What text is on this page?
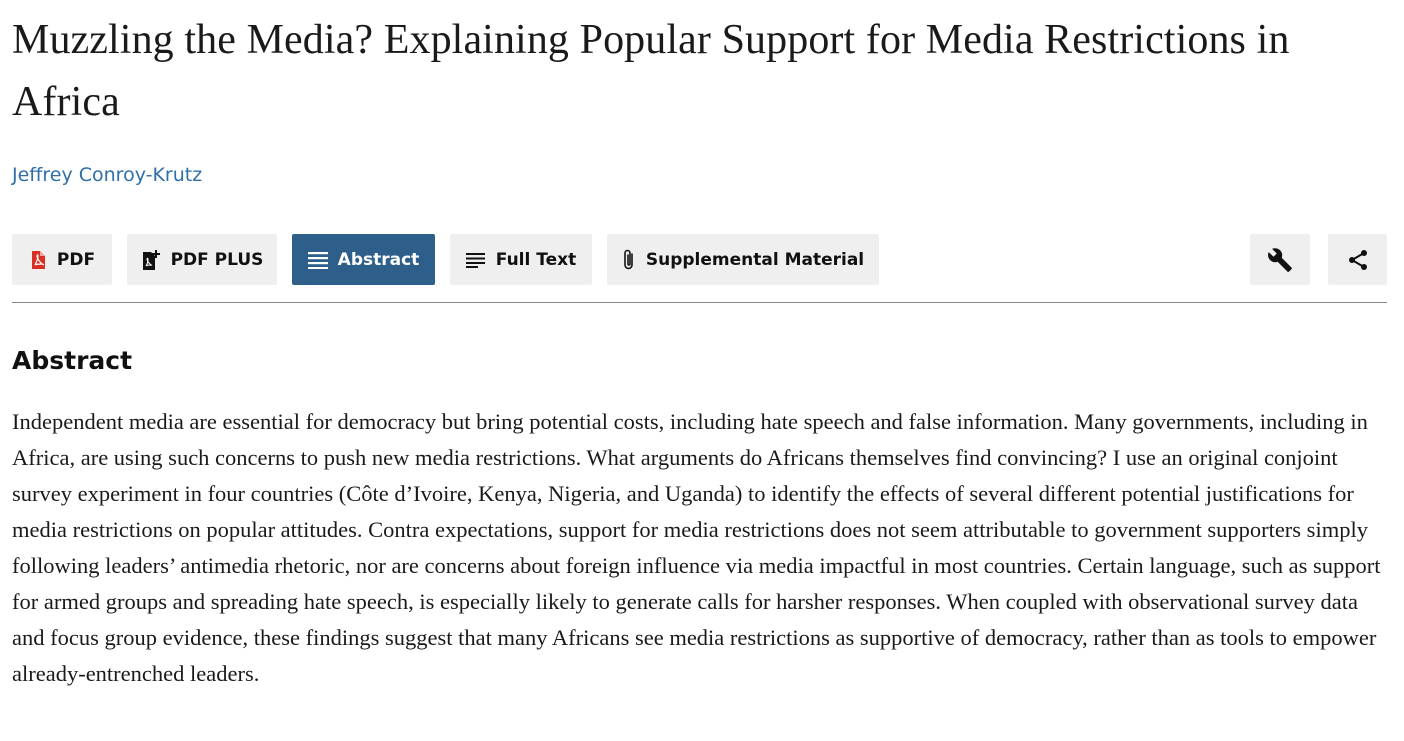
Muzzling the Media? Explaining Popular Support for Media Restrictions in Africa
Jeffrey Conroy-Krutz
PDF	PDF PLUS	Abstract	Full Text	Supplemental Material
Abstract

Independent media are essential for democracy but bring potential costs, including hate speech and false information. Many governments, including in Africa, are using such concerns to push new media restrictions. What arguments do Africans themselves find convincing? I use an original conjoint survey experiment in four countries (Côte d’Ivoire, Kenya, Nigeria, and Uganda) to identify the effects of several different potential justifications for media restrictions on popular attitudes. Contra expectations, support for media restrictions does not seem attributable to government supporters simply following leaders’ antimedia rhetoric, nor are concerns about foreign influence via media impactful in most countries. Certain language, such as support for armed groups and spreading hate speech, is especially likely to generate calls for harsher responses. When coupled with observational survey data and focus group evidence, these findings suggest that many Africans see media restrictions as supportive of democracy, rather than as tools to empower already-entrenched leaders.
